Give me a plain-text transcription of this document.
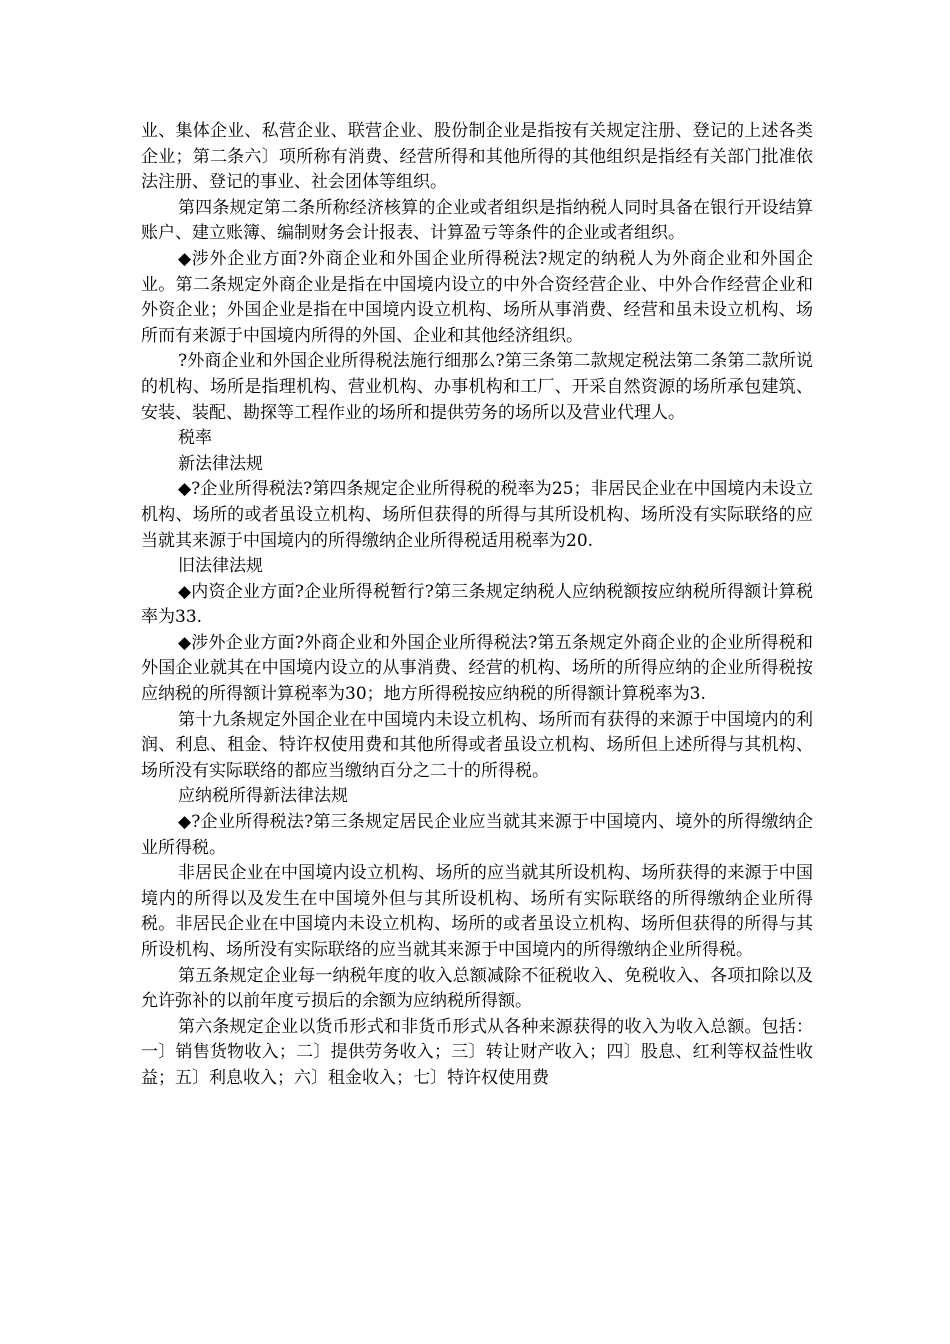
业、集体企业、私营企业、联营企业、股份制企业是指按有关规定注册、登记的上述各类企业；第二条六〕项所称有消费、经营所得和其他所得的其他组织是指经有关部门批准依法注册、登记的事业、社会团体等组织。

第四条规定第二条所称经济核算的企业或者组织是指纳税人同时具备在银行开设结算账户、建立账簿、编制财务会计报表、计算盈亏等条件的企业或者组织。

◆涉外企业方面?外商企业和外国企业所得税法?规定的纳税人为外商企业和外国企业。第二条规定外商企业是指在中国境内设立的中外合资经营企业、中外合作经营企业和外资企业；外国企业是指在中国境内设立机构、场所从事消费、经营和虽未设立机构、场所而有来源于中国境内所得的外国、企业和其他经济组织。

?外商企业和外国企业所得税法施行细那么?第三条第二款规定税法第二条第二款所说的机构、场所是指理机构、营业机构、办事机构和工厂、开采自然资源的场所承包建筑、安装、装配、勘探等工程作业的场所和提供劳务的场所以及营业代理人。

税率

新法律法规

◆?企业所得税法?第四条规定企业所得税的税率为25；非居民企业在中国境内未设立机构、场所的或者虽设立机构、场所但获得的所得与其所设机构、场所没有实际联络的应当就其来源于中国境内的所得缴纳企业所得税适用税率为20.

旧法律法规

◆内资企业方面?企业所得税暂行?第三条规定纳税人应纳税额按应纳税所得额计算税率为33.

◆涉外企业方面?外商企业和外国企业所得税法?第五条规定外商企业的企业所得税和外国企业就其在中国境内设立的从事消费、经营的机构、场所的所得应纳的企业所得税按应纳税的所得额计算税率为30；地方所得税按应纳税的所得额计算税率为3.

第十九条规定外国企业在中国境内未设立机构、场所而有获得的来源于中国境内的利润、利息、租金、特许权使用费和其他所得或者虽设立机构、场所但上述所得与其机构、场所没有实际联络的都应当缴纳百分之二十的所得税。

应纳税所得新法律法规

◆?企业所得税法?第三条规定居民企业应当就其来源于中国境内、境外的所得缴纳企业所得税。

非居民企业在中国境内设立机构、场所的应当就其所设机构、场所获得的来源于中国境内的所得以及发生在中国境外但与其所设机构、场所有实际联络的所得缴纳企业所得税。非居民企业在中国境内未设立机构、场所的或者虽设立机构、场所但获得的所得与其所设机构、场所没有实际联络的应当就其来源于中国境内的所得缴纳企业所得税。

第五条规定企业每一纳税年度的收入总额减除不征税收入、免税收入、各项扣除以及允许弥补的以前年度亏损后的余额为应纳税所得额。

第六条规定企业以货币形式和非货币形式从各种来源获得的收入为收入总额。包括：一〕销售货物收入；二〕提供劳务收入；三〕转让财产收入；四〕股息、红利等权益性收益；五〕利息收入；六〕租金收入；七〕特许权使用费
